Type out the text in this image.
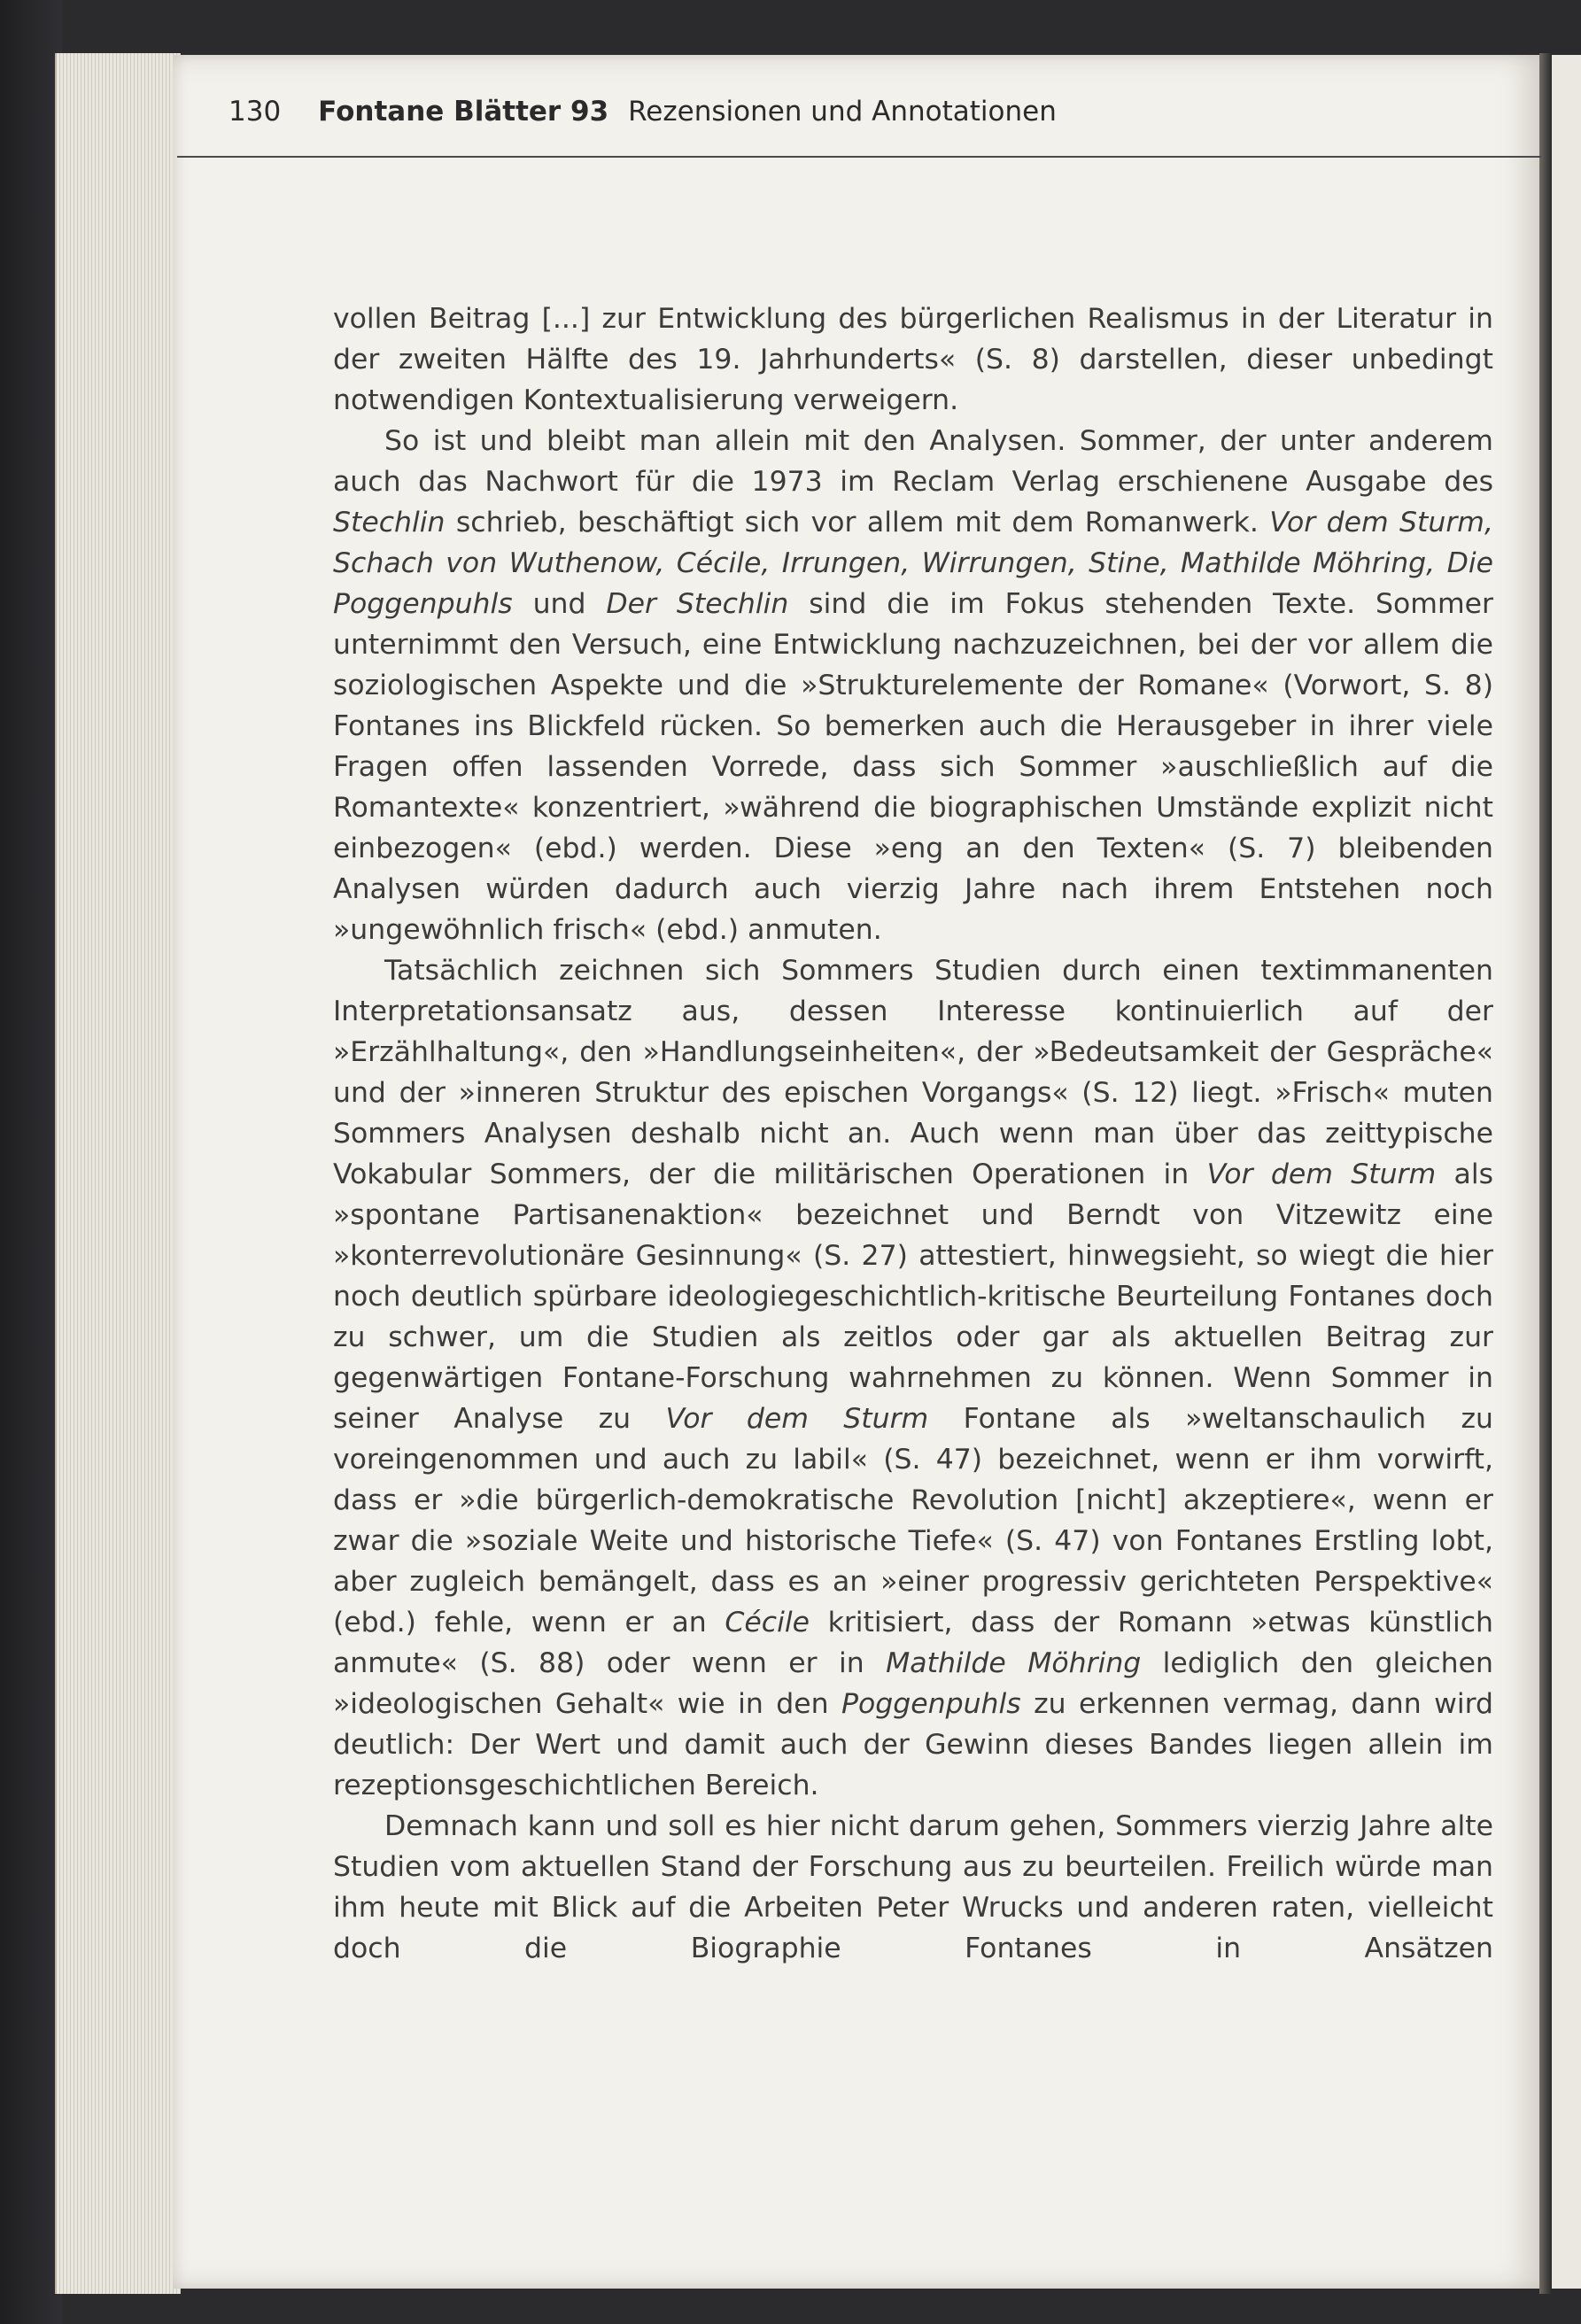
130 Fontane Blätter 93 Rezensionen und Annotationen

vollen Beitrag [...] zur Entwicklung des bürgerlichen Realismus in der Literatur in der zweiten Hälfte des 19. Jahrhunderts« (S. 8) darstellen, dieser unbedingt notwendigen Kontextualisierung verweigern.

So ist und bleibt man allein mit den Analysen. Sommer, der unter anderem auch das Nachwort für die 1973 im Reclam Verlag erschienene Ausgabe des Stechlin schrieb, beschäftigt sich vor allem mit dem Romanwerk. Vor dem Sturm, Schach von Wuthenow, Cécile, Irrungen, Wirrungen, Stine, Mathilde Möhring, Die Poggenpuhls und Der Stechlin sind die im Fokus stehenden Texte. Sommer unternimmt den Versuch, eine Entwicklung nachzuzeichnen, bei der vor allem die soziologischen Aspekte und die »Strukturelemente der Romane« (Vorwort, S. 8) Fontanes ins Blickfeld rücken. So bemerken auch die Herausgeber in ihrer viele Fragen offen lassenden Vorrede, dass sich Sommer »auschließlich auf die Romantexte« konzentriert, »während die biographischen Umstände explizit nicht einbezogen« (ebd.) werden. Diese »eng an den Texten« (S. 7) bleibenden Analysen würden dadurch auch vierzig Jahre nach ihrem Entstehen noch »ungewöhnlich frisch« (ebd.) anmuten.

Tatsächlich zeichnen sich Sommers Studien durch einen textimmanenten Interpretationsansatz aus, dessen Interesse kontinuierlich auf der »Erzählhaltung«, den »Handlungseinheiten«, der »Bedeutsamkeit der Gespräche« und der »inneren Struktur des epischen Vorgangs« (S. 12) liegt. »Frisch« muten Sommers Analysen deshalb nicht an. Auch wenn man über das zeittypische Vokabular Sommers, der die militärischen Operationen in Vor dem Sturm als »spontane Partisanenaktion« bezeichnet und Berndt von Vitzewitz eine »konterrevolutionäre Gesinnung« (S. 27) attestiert, hinwegsieht, so wiegt die hier noch deutlich spürbare ideologiegeschichtlich-kritische Beurteilung Fontanes doch zu schwer, um die Studien als zeitlos oder gar als aktuellen Beitrag zur gegenwärtigen Fontane-Forschung wahrnehmen zu können. Wenn Sommer in seiner Analyse zu Vor dem Sturm Fontane als »weltanschaulich zu voreingenommen und auch zu labil« (S. 47) bezeichnet, wenn er ihm vorwirft, dass er »die bürgerlich-demokratische Revolution [nicht] akzeptiere«, wenn er zwar die »soziale Weite und historische Tiefe« (S. 47) von Fontanes Erstling lobt, aber zugleich bemängelt, dass es an »einer progressiv gerichteten Perspektive« (ebd.) fehle, wenn er an Cécile kritisiert, dass der Romann »etwas künstlich anmute« (S. 88) oder wenn er in Mathilde Möhring lediglich den gleichen »ideologischen Gehalt« wie in den Poggenpuhls zu erkennen vermag, dann wird deutlich: Der Wert und damit auch der Gewinn dieses Bandes liegen allein im rezeptionsgeschichtlichen Bereich.

Demnach kann und soll es hier nicht darum gehen, Sommers vierzig Jahre alte Studien vom aktuellen Stand der Forschung aus zu beurteilen. Freilich würde man ihm heute mit Blick auf die Arbeiten Peter Wrucks und anderen raten, vielleicht doch die Biographie Fontanes in Ansätzen
